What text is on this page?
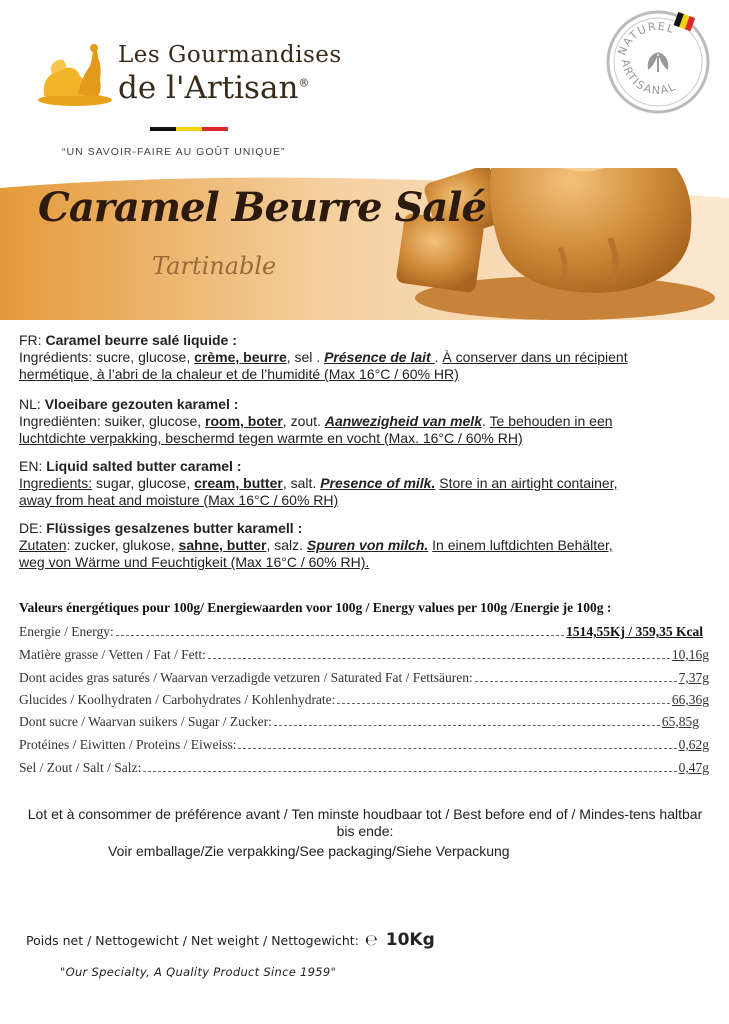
Les Gourmandises
de l'Artisan®
“UN SAVOIR-FAIRE AU GOÛT UNIQUE”
NATUREL
ARTISANAL
Caramel Beurre Salé
Tartinable
FR: Caramel beurre salé liquide :
Ingrédients: sucre, glucose, crème, beurre, sel . Présence de lait . À conserver dans un récipient
hermétique, à l’abri de la chaleur et de l’humidité (Max 16°C / 60% HR)
NL: Vloeibare gezouten karamel :
Ingrediënten: suiker, glucose, room, boter, zout. Aanwezigheid van melk. Te behouden in een
luchtdichte verpakking, beschermd tegen warmte en vocht (Max. 16°C / 60% RH)
EN: Liquid salted butter caramel :
Ingredients: sugar, glucose, cream, butter, salt. Presence of milk. Store in an airtight container,
away from heat and moisture (Max 16°C / 60% RH)
DE: Flüssiges gesalzenes butter karamell :
Zutaten: zucker, glukose, sahne, butter, salz. Spuren von milch. In einem luftdichten Behälter,
weg von Wärme und Feuchtigkeit (Max 16°C / 60% RH).
Valeurs énergétiques pour 100g/ Energiewaarden voor 100g / Energy values per 100g /Energie je 100g :
Energie / Energy:	1514,55Kj / 359,35 Kcal
Matière grasse / Vetten / Fat / Fett:	10,16g
Dont acides gras saturés / Waarvan verzadigde vetzuren / Saturated Fat / Fettsäuren:	7,37g
Glucides / Koolhydraten / Carbohydrates / Kohlenhydrate:	66,36g
Dont sucre / Waarvan suikers / Sugar / Zucker:	65,85g
Protéines / Eiwitten / Proteins / Eiweiss:	0,62g
Sel / Zout / Salt / Salz:	0,47g
Lot et à consommer de préférence avant / Ten minste houdbaar tot / Best before end of / Mindes-tens haltbar bis ende:
Voir emballage/Zie verpakking/See packaging/Siehe Verpackung
Poids net / Nettogewicht / Net weight / Nettogewicht: ℮ 10Kg
"Our Specialty, A Quality Product Since 1959"
